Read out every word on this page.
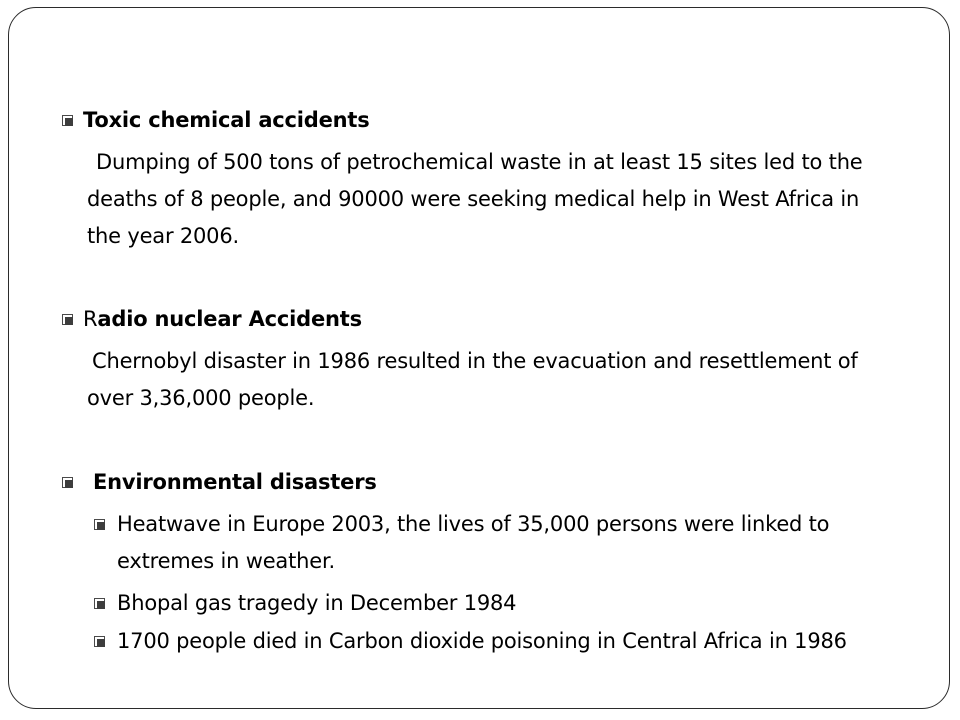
Toxic chemical accidents

Dumping of 500 tons of petrochemical waste in at least 15 sites led to the deaths of 8 people, and 90000 were seeking medical help in West Africa in the year 2006.

Radio nuclear Accidents

Chernobyl disaster in 1986 resulted in the evacuation and resettlement of over 3,36,000 people.

Environmental disasters
Heatwave in Europe 2003, the lives of 35,000 persons were linked to extremes in weather.
Bhopal gas tragedy in December 1984
1700 people died in Carbon dioxide poisoning in Central Africa in 1986
